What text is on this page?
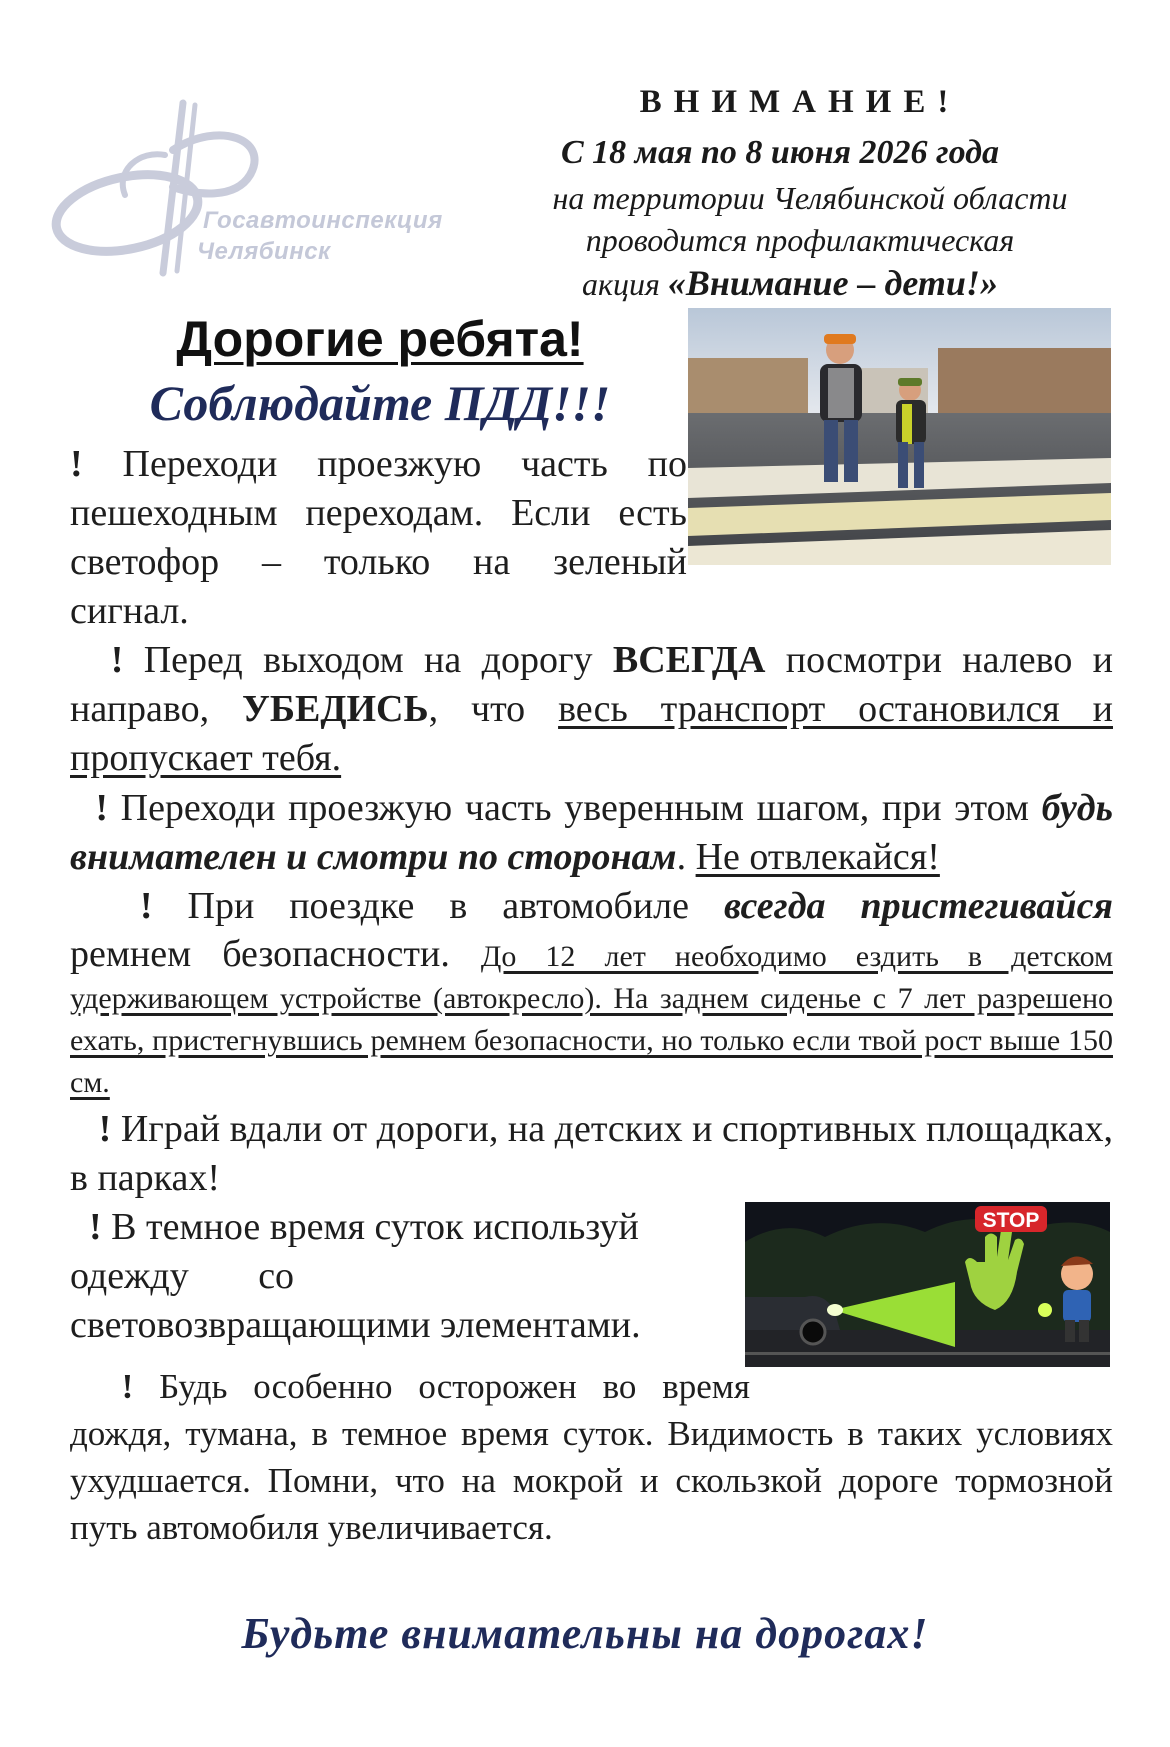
Госавтоинспекция
Челябинск
ВНИМАНИЕ!
С 18 мая по 8 июня 2026 года
на территории Челябинской области
проводится профилактическая
акция «Внимание – дети!»
Дорогие ребята!
Соблюдайте ПДД!!!
! Переходи проезжую часть по
пешеходным переходам. Если есть
светофор – только на зеленый
сигнал.
! Перед выходом на дорогу ВСЕГДА посмотри налево и направо, УБЕДИСЬ, что весь транспорт остановился и пропускает тебя.
! Переходи проезжую часть уверенным шагом, при этом будь внимателен и смотри по сторонам. Не отвлекайся!
! При поездке в автомобиле всегда пристегивайся
ремнем безопасности. До 12 лет необходимо ездить в детском удерживающем устройстве (автокресло). На заднем сиденье с 7 лет разрешено ехать, пристегнувшись ремнем безопасности, но только если твой рост выше 150 см.
! Играй вдали от дороги, на детских и спортивных площадках, в парках!
STOP
! В темное время суток используй
одежду со
световозвращающими элементами.
! Будь особенно осторожен во время
дождя, тумана, в темное время суток. Видимость в таких условиях ухудшается. Помни, что на мокрой и скользкой дороге тормозной путь автомобиля увеличивается.
Будьте внимательны на дорогах!
